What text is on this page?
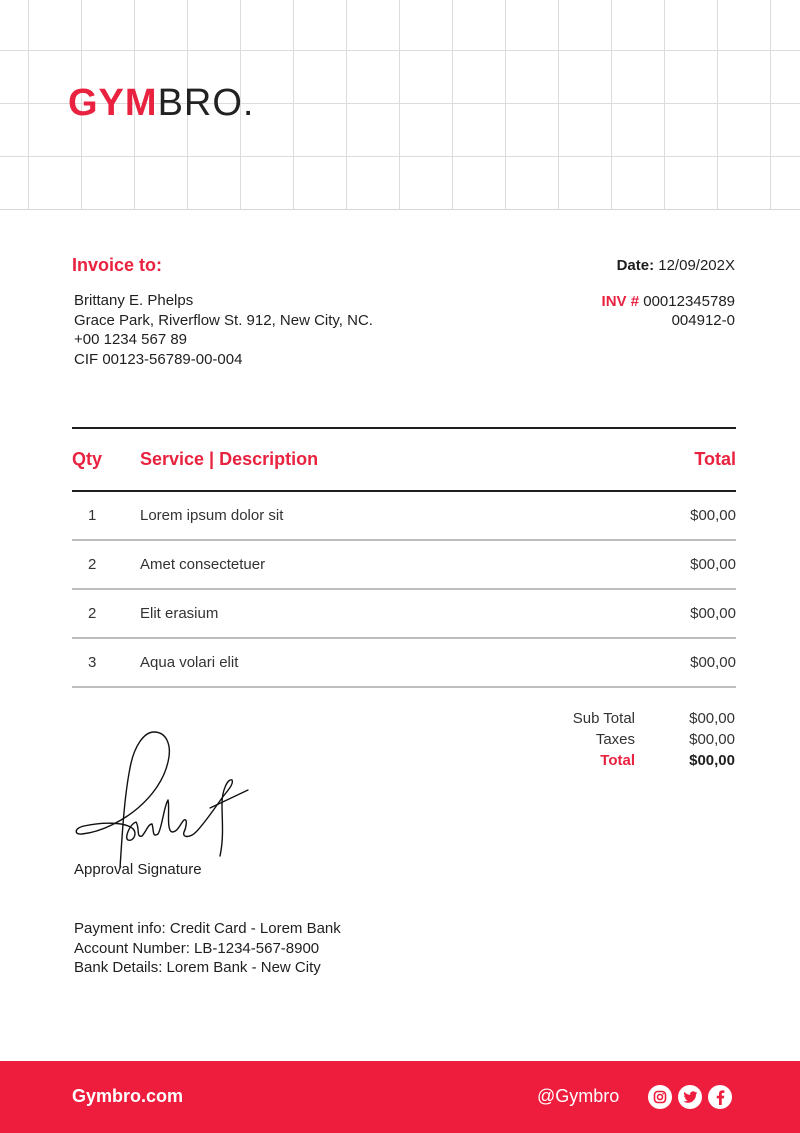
GYMBRO.
Invoice to:
Brittany E. Phelps
Grace Park, Riverflow St. 912, New City, NC.
+00 1234 567 89
CIF 00123-56789-00-004
Date: 12/09/202X
INV # 00012345789
004912-0
Qty	Service | Description	Total
1	Lorem ipsum dolor sit	$00,00
2	Amet consectetuer	$00,00
2	Elit erasium	$00,00
3	Aqua volari elit	$00,00
Sub Total	$00,00
Taxes	$00,00
Total	$00,00
Approval Signature
Payment info: Credit Card - Lorem Bank
Account Number: LB-1234-567-8900
Bank Details: Lorem Bank - New City
Gymbro.com	@Gymbro
